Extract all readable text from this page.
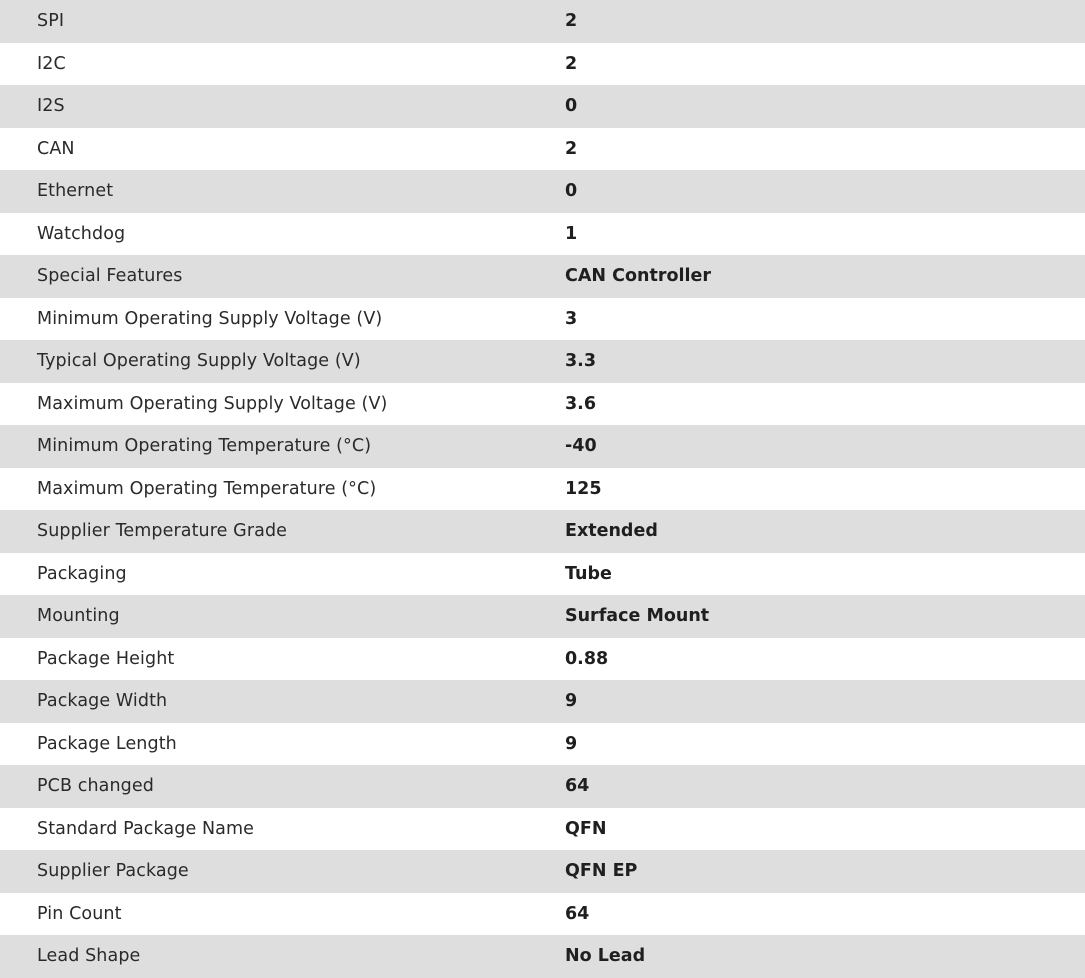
SPI	2
I2C	2
I2S	0
CAN	2
Ethernet	0
Watchdog	1
Special Features	CAN Controller
Minimum Operating Supply Voltage (V)	3
Typical Operating Supply Voltage (V)	3.3
Maximum Operating Supply Voltage (V)	3.6
Minimum Operating Temperature (°C)	-40
Maximum Operating Temperature (°C)	125
Supplier Temperature Grade	Extended
Packaging	Tube
Mounting	Surface Mount
Package Height	0.88
Package Width	9
Package Length	9
PCB changed	64
Standard Package Name	QFN
Supplier Package	QFN EP
Pin Count	64
Lead Shape	No Lead
